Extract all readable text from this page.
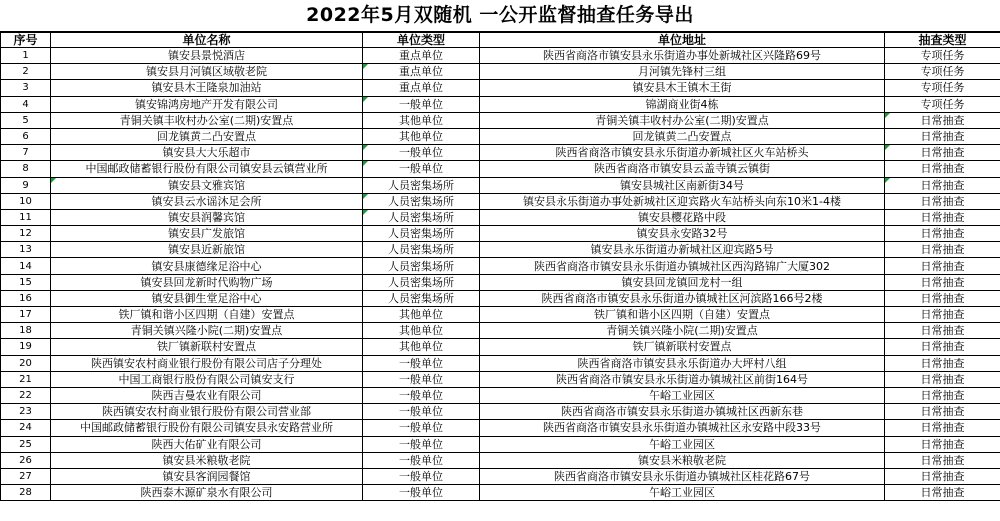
2022年5月双随机 一公开监督抽查任务导出
序号	单位名称	单位类型	单位地址	抽查类型
1	镇安县景悦酒店	重点单位	陕西省商洛市镇安县永乐街道办事处新城社区兴隆路69号	专项任务
2	镇安县月河镇区域敬老院	重点单位	月河镇先锋村三组	专项任务
3	镇安县木王隆泉加油站	重点单位	镇安县木王镇木王街	专项任务
4	镇安锦鸿房地产开发有限公司	一般单位	锦湖商业街4栋	专项任务
5	青铜关镇丰收村办公室(二期)安置点	其他单位	青铜关镇丰收村办公室(二期)安置点	日常抽查
6	回龙镇黄二凸安置点	其他单位	回龙镇黄二凸安置点	日常抽查
7	镇安县大大乐超市	一般单位	陕西省商洛市镇安县永乐街道办新城社区火车站桥头	日常抽查
8	中国邮政储蓄银行股份有限公司镇安县云镇营业所	一般单位	陕西省商洛市镇安县云盖寺镇云镇街	日常抽查
9	镇安县文雅宾馆	人员密集场所	镇安县城社区南新街34号	日常抽查
10	镇安县云水谣沐足会所	人员密集场所	镇安县永乐街道办事处新城社区迎宾路火车站桥头向东10米1-4楼	日常抽查
11	镇安县润馨宾馆	人员密集场所	镇安县樱花路中段	日常抽查
12	镇安县广发旅馆	人员密集场所	镇安县永安路32号	日常抽查
13	镇安县近新旅馆	人员密集场所	镇安县永乐街道办新城社区迎宾路5号	日常抽查
14	镇安县康德缘足浴中心	人员密集场所	陕西省商洛市镇安县永乐街道办镇城社区西沟路锦广大厦302	日常抽查
15	镇安县回龙新时代购物广场	人员密集场所	镇安县回龙镇回龙村一组	日常抽查
16	镇安县御生堂足浴中心	人员密集场所	陕西省商洛市镇安县永乐街道办镇城社区河滨路166号2楼	日常抽查
17	铁厂镇和谐小区四期（自建）安置点	其他单位	铁厂镇和谐小区四期（自建）安置点	日常抽查
18	青铜关镇兴隆小院(二期)安置点	其他单位	青铜关镇兴隆小院(二期)安置点	日常抽查
19	铁厂镇新联村安置点	其他单位	铁厂镇新联村安置点	日常抽查
20	陕西镇安农村商业银行股份有限公司店子分理处	一般单位	陕西省商洛市镇安县永乐街道办大坪村八组	日常抽查
21	中国工商银行股份有限公司镇安支行	一般单位	陕西省商洛市镇安县永乐街道办镇城社区前街164号	日常抽查
22	陕西吉曼农业有限公司	一般单位	午峪工业园区	日常抽查
23	陕西镇安农村商业银行股份有限公司营业部	一般单位	陕西省商洛市镇安县永乐街道办镇城社区西新东巷	日常抽查
24	中国邮政储蓄银行股份有限公司镇安县永安路营业所	一般单位	陕西省商洛市镇安县永乐街道办镇城社区永安路中段33号	日常抽查
25	陕西大佑矿业有限公司	一般单位	午峪工业园区	日常抽查
26	镇安县米粮敬老院	一般单位	镇安县米粮敬老院	日常抽查
27	镇安县客润园餐馆	一般单位	陕西省商洛市镇安县永乐街道办镇城社区桂花路67号	日常抽查
28	陕西泰木源矿泉水有限公司	一般单位	午峪工业园区	日常抽查
